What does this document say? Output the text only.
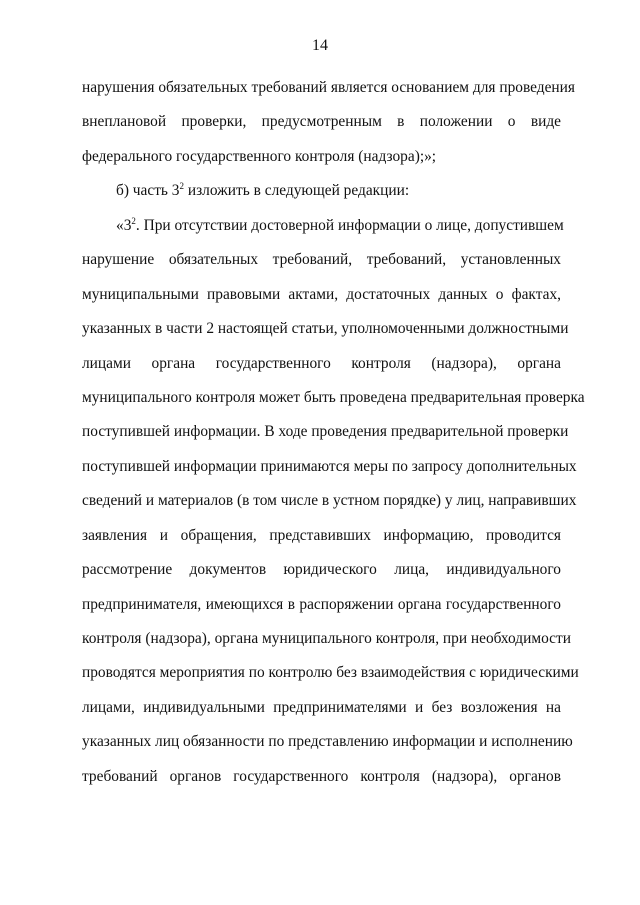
14
нарушения обязательных требований является основанием для проведения
внеплановой проверки, предусмотренным в положении о виде
федерального государственного контроля (надзора);»;
б) часть $3^2$ изложить в следующей редакции:
«$3^2$. При отсутствии достоверной информации о лице, допустившем
нарушение обязательных требований, требований, установленных
муниципальными правовыми актами, достаточных данных о фактах,
указанных в части 2 настоящей статьи, уполномоченными должностными
лицами органа государственного контроля (надзора), органа
муниципального контроля может быть проведена предварительная проверка
поступившей информации. В ходе проведения предварительной проверки
поступившей информации принимаются меры по запросу дополнительных
сведений и материалов (в том числе в устном порядке) у лиц, направивших
заявления и обращения, представивших информацию, проводится
рассмотрение документов юридического лица, индивидуального
предпринимателя, имеющихся в распоряжении органа государственного
контроля (надзора), органа муниципального контроля, при необходимости
проводятся мероприятия по контролю без взаимодействия с юридическими
лицами, индивидуальными предпринимателями и без возложения на
указанных лиц обязанности по представлению информации и исполнению
требований органов государственного контроля (надзора), органов
